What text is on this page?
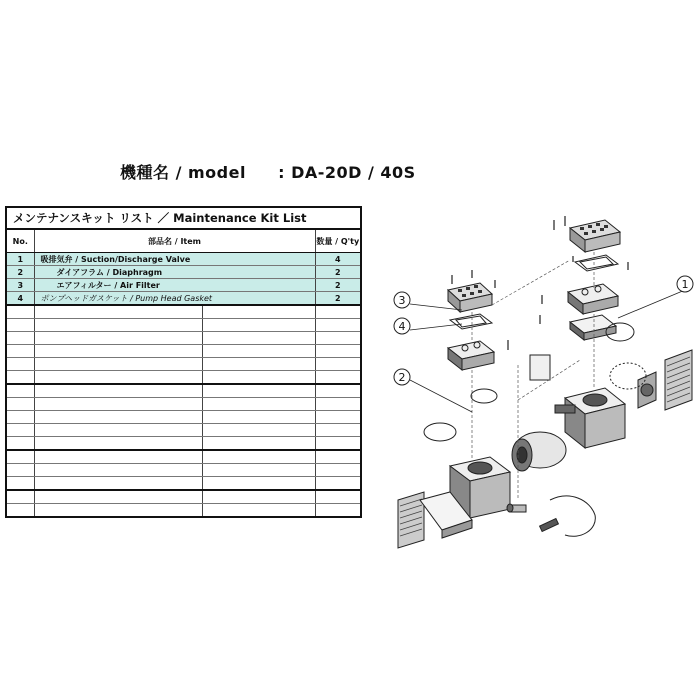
機種名 / model : DA-20D / 40S
メンテナンスキット リスト ／ Maintenance Kit List			
No.	部品名 / Item		数量 / Q'ty
1	吸排気弁 / Suction/Discharge Valve		4
2	ダイアフラム / Diaphragm		2
3	エアフィルター / Air Filter		2
4	ポンプヘッドガスケット / Pump Head Gasket		2

1
3
4
2
